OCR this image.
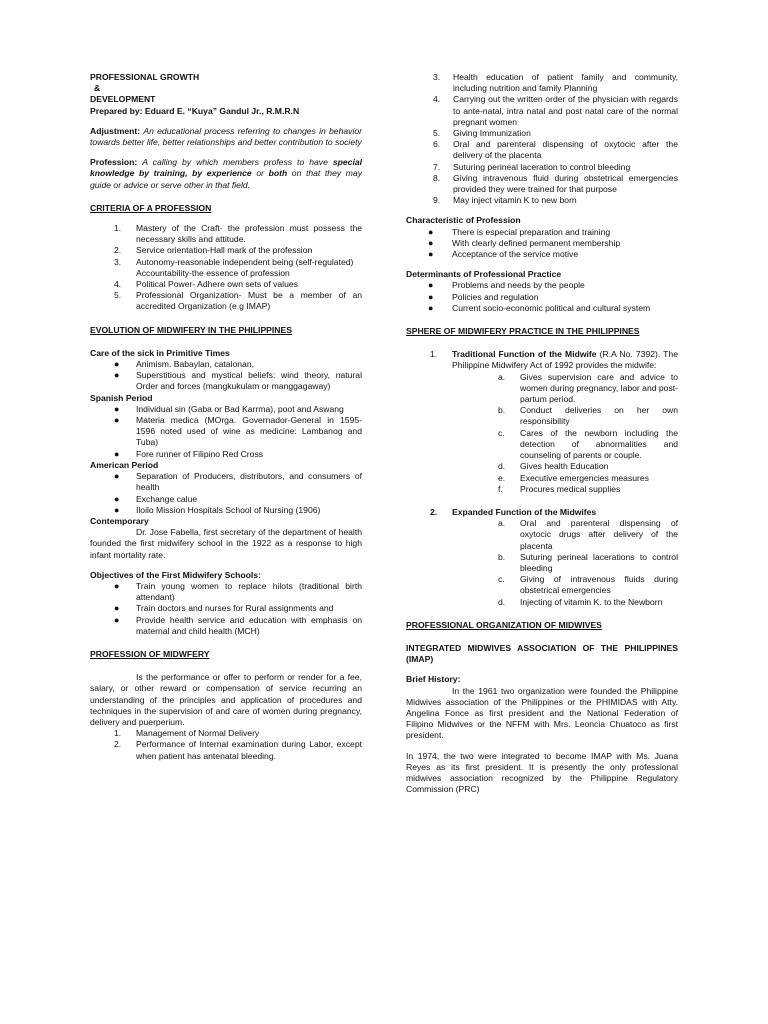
PROFESSIONAL GROWTH

&

DEVELOPMENT

Prepared by: Eduard E. “Kuya” Gandul Jr., R.M.R.N

Adjustment: An educational process referring to changes in behavior towards better life, better relationships and better contribution to society
Profession: A calling by which members profess to have special knowledge by training, by experience or both on that they may guide or advice or serve other in that field.

CRITERIA OF A PROFESSION

1. Mastery of the Craft- the profession must possess the necessary skills and attitude.
2. Service orientation-Hall mark of the profession
3. Autonomy-reasonable independent being (self-regulated)
Accountability-the essence of profession
4. Political Power- Adhere own sets of values
5. Professional Organization- Must be a member of an accredited Organization (e.g IMAP)

EVOLUTION OF MIDWIFERY IN THE PHILIPPINES

Care of the sick in Primitive Times

● Animism. Babaylan, catalonan,
● Superstitious and mystical beliefs: wind theory, natural Order and forces (mangkukulam or manggagaway)

Spanish Period

● Individual sin (Gaba or Bad Karrma), poot and Aswang
● Materia medica (MOrga. Governador-General in 1595-1596 noted used of wine as medicine: Lambanog and Tuba)
● Fore runner of Filipino Red Cross

American Period

● Separation of Producers, distributors, and consumers of health
● Exchange calue
● Iloilo Mission Hospitals School of Nursing (1906)

Contemporary

Dr. Jose Fabella, first secretary of the department of health founded the first midwifery school in the 1922 as a response to high infant mortality rate.

Objectives of the First Midwifery Schools:

● Train young women to replace hilots (traditional birth attendant)
● Train doctors and nurses for Rural assignments and
● Provide health service and education with emphasis on maternal and child health (MCH)

PROFESSION OF MIDWFERY

Is the performance or offer to perform or render for a fee, salary, or other reward or compensation of service recurring an understanding of the principles and application of procedures and techniques in the supervision of and care of women during pregnancy, delivery and puerperium.

1. Management of Normal Delivery
2. Performance of Internal examination during Labor, except when patient has antenatal bleeding.
3. Health education of patient family and community, including nutrition and family Planning
4. Carrying out the written order of the physician with regards to ante-natal, intra natal and post natal care of the normal pregnant women
5. Giving Immunization
6. Oral and parenteral dispensing of oxytocic after the delivery of the placenta
7. Suturing perineal laceration to control bleeding
8. Giving intravenous fluid during obstetrical emergencies provided they were trained for that purpose
9. May inject vitamin K to new born

Characteristic of Profession

● There is especial preparation and training
● With clearly defined permanent membership
● Acceptance of the service motive

Determinants of Professional Practice

● Problems and needs by the people
● Policies and regulation
● Current socio-economic political and cultural system

SPHERE OF MIDWIFERY PRACTICE IN THE PHILIPPINES

1. Traditional Function of the Midwife (R.A No. 7392). The Philippine Midwifery Act of 1992 provides the midwife:
a. Gives supervision care and advice to women during pregnancy, labor and post-partum period.
b. Conduct deliveries on her own responsibility
c. Cares of the newborn including the detection of abnormalities and counseling of parents or couple.
d. Gives health Education
e. Executive emergencies measures
f. Procures medical supplies
2. Expanded Function of the Midwifes
a. Oral and parenteral dispensing of oxytocic drugs after delivery of the placenta
b. Suturing perineal lacerations to control bleeding
c. Giving of intravenous fluids during obstetrical emergencies
d. Injecting of vitamin K. to the Newborn

PROFESSIONAL ORGANIZATION OF MIDWIVES

INTEGRATED MIDWIVES ASSOCIATION OF THE PHILIPPINES (IMAP)

Brief History:

In the 1961 two organization were founded the Philippine Midwives association of the Philippines or the PHIMIDAS with Atty. Angelina Fonce as first president and the National Federation of Filipino Midwives or the NFFM with Mrs. Leoncia Chuatoco as first president.

In 1974, the two were integrated to become IMAP with Ms. Juana Reyes as its first president. It is presently the only professional midwives association recognized by the Philippine Regulatory Commission (PRC)
